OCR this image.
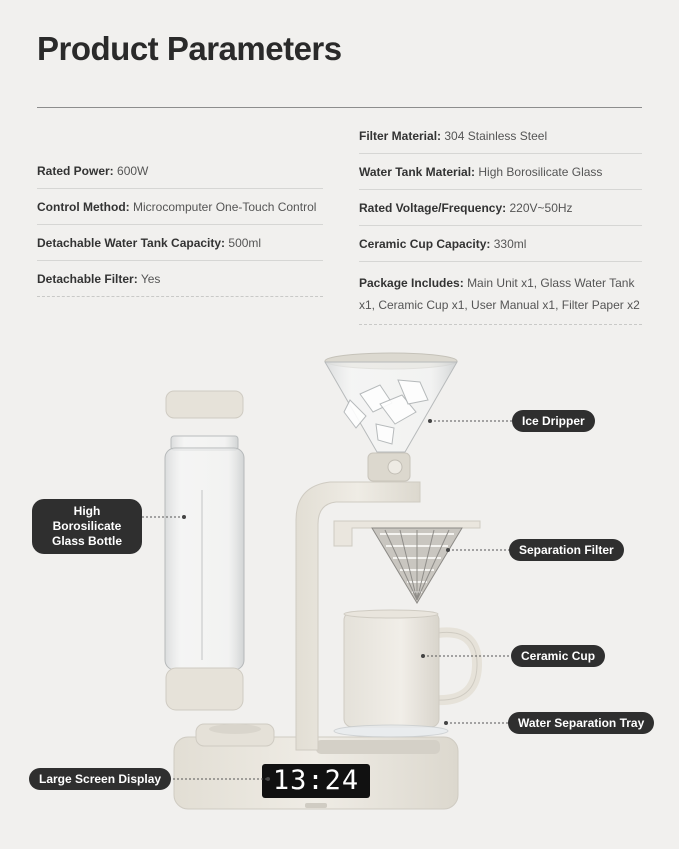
Product Parameters
Rated Power: 600W
Control Method: Microcomputer One-Touch Control
Detachable Water Tank Capacity: 500ml
Detachable Filter: Yes
Filter Material: 304 Stainless Steel
Water Tank Material: High Borosilicate Glass
Rated Voltage/Frequency: 220V~50Hz
Ceramic Cup Capacity: 330ml
Package Includes: Main Unit x1, Glass Water Tank x1, Ceramic Cup x1, User Manual x1, Filter Paper x2
13:24
Ice Dripper
High Borosilicate Glass Bottle
Separation Filter
Ceramic Cup
Water Separation Tray
Large Screen Display
